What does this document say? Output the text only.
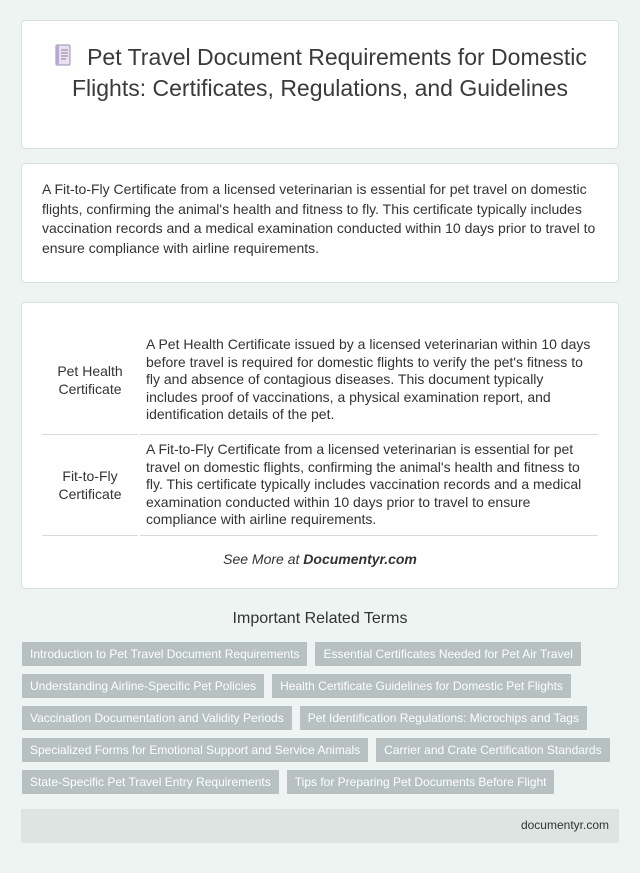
Pet Travel Document Requirements for Domestic Flights: Certificates, Regulations, and Guidelines

A Fit-to-Fly Certificate from a licensed veterinarian is essential for pet travel on domestic flights, confirming the animal's health and fitness to fly. This certificate typically includes vaccination records and a medical examination conducted within 10 days prior to travel to ensure compliance with airline requirements.

Pet Health Certificate	A Pet Health Certificate issued by a licensed veterinarian within 10 days before travel is required for domestic flights to verify the pet's fitness to fly and absence of contagious diseases. This document typically includes proof of vaccinations, a physical examination report, and identification details of the pet.
Fit-to-Fly Certificate	A Fit-to-Fly Certificate from a licensed veterinarian is essential for pet travel on domestic flights, confirming the animal's health and fitness to fly. This certificate typically includes vaccination records and a medical examination conducted within 10 days prior to travel to ensure compliance with airline requirements.
See More at Documentyr.com
Important Related Terms
Introduction to Pet Travel Document Requirements	Essential Certificates Needed for Pet Air Travel
Understanding Airline-Specific Pet Policies	Health Certificate Guidelines for Domestic Pet Flights
Vaccination Documentation and Validity Periods	Pet Identification Regulations: Microchips and Tags
Specialized Forms for Emotional Support and Service Animals	Carrier and Crate Certification Standards
State-Specific Pet Travel Entry Requirements	Tips for Preparing Pet Documents Before Flight
documentyr.com
